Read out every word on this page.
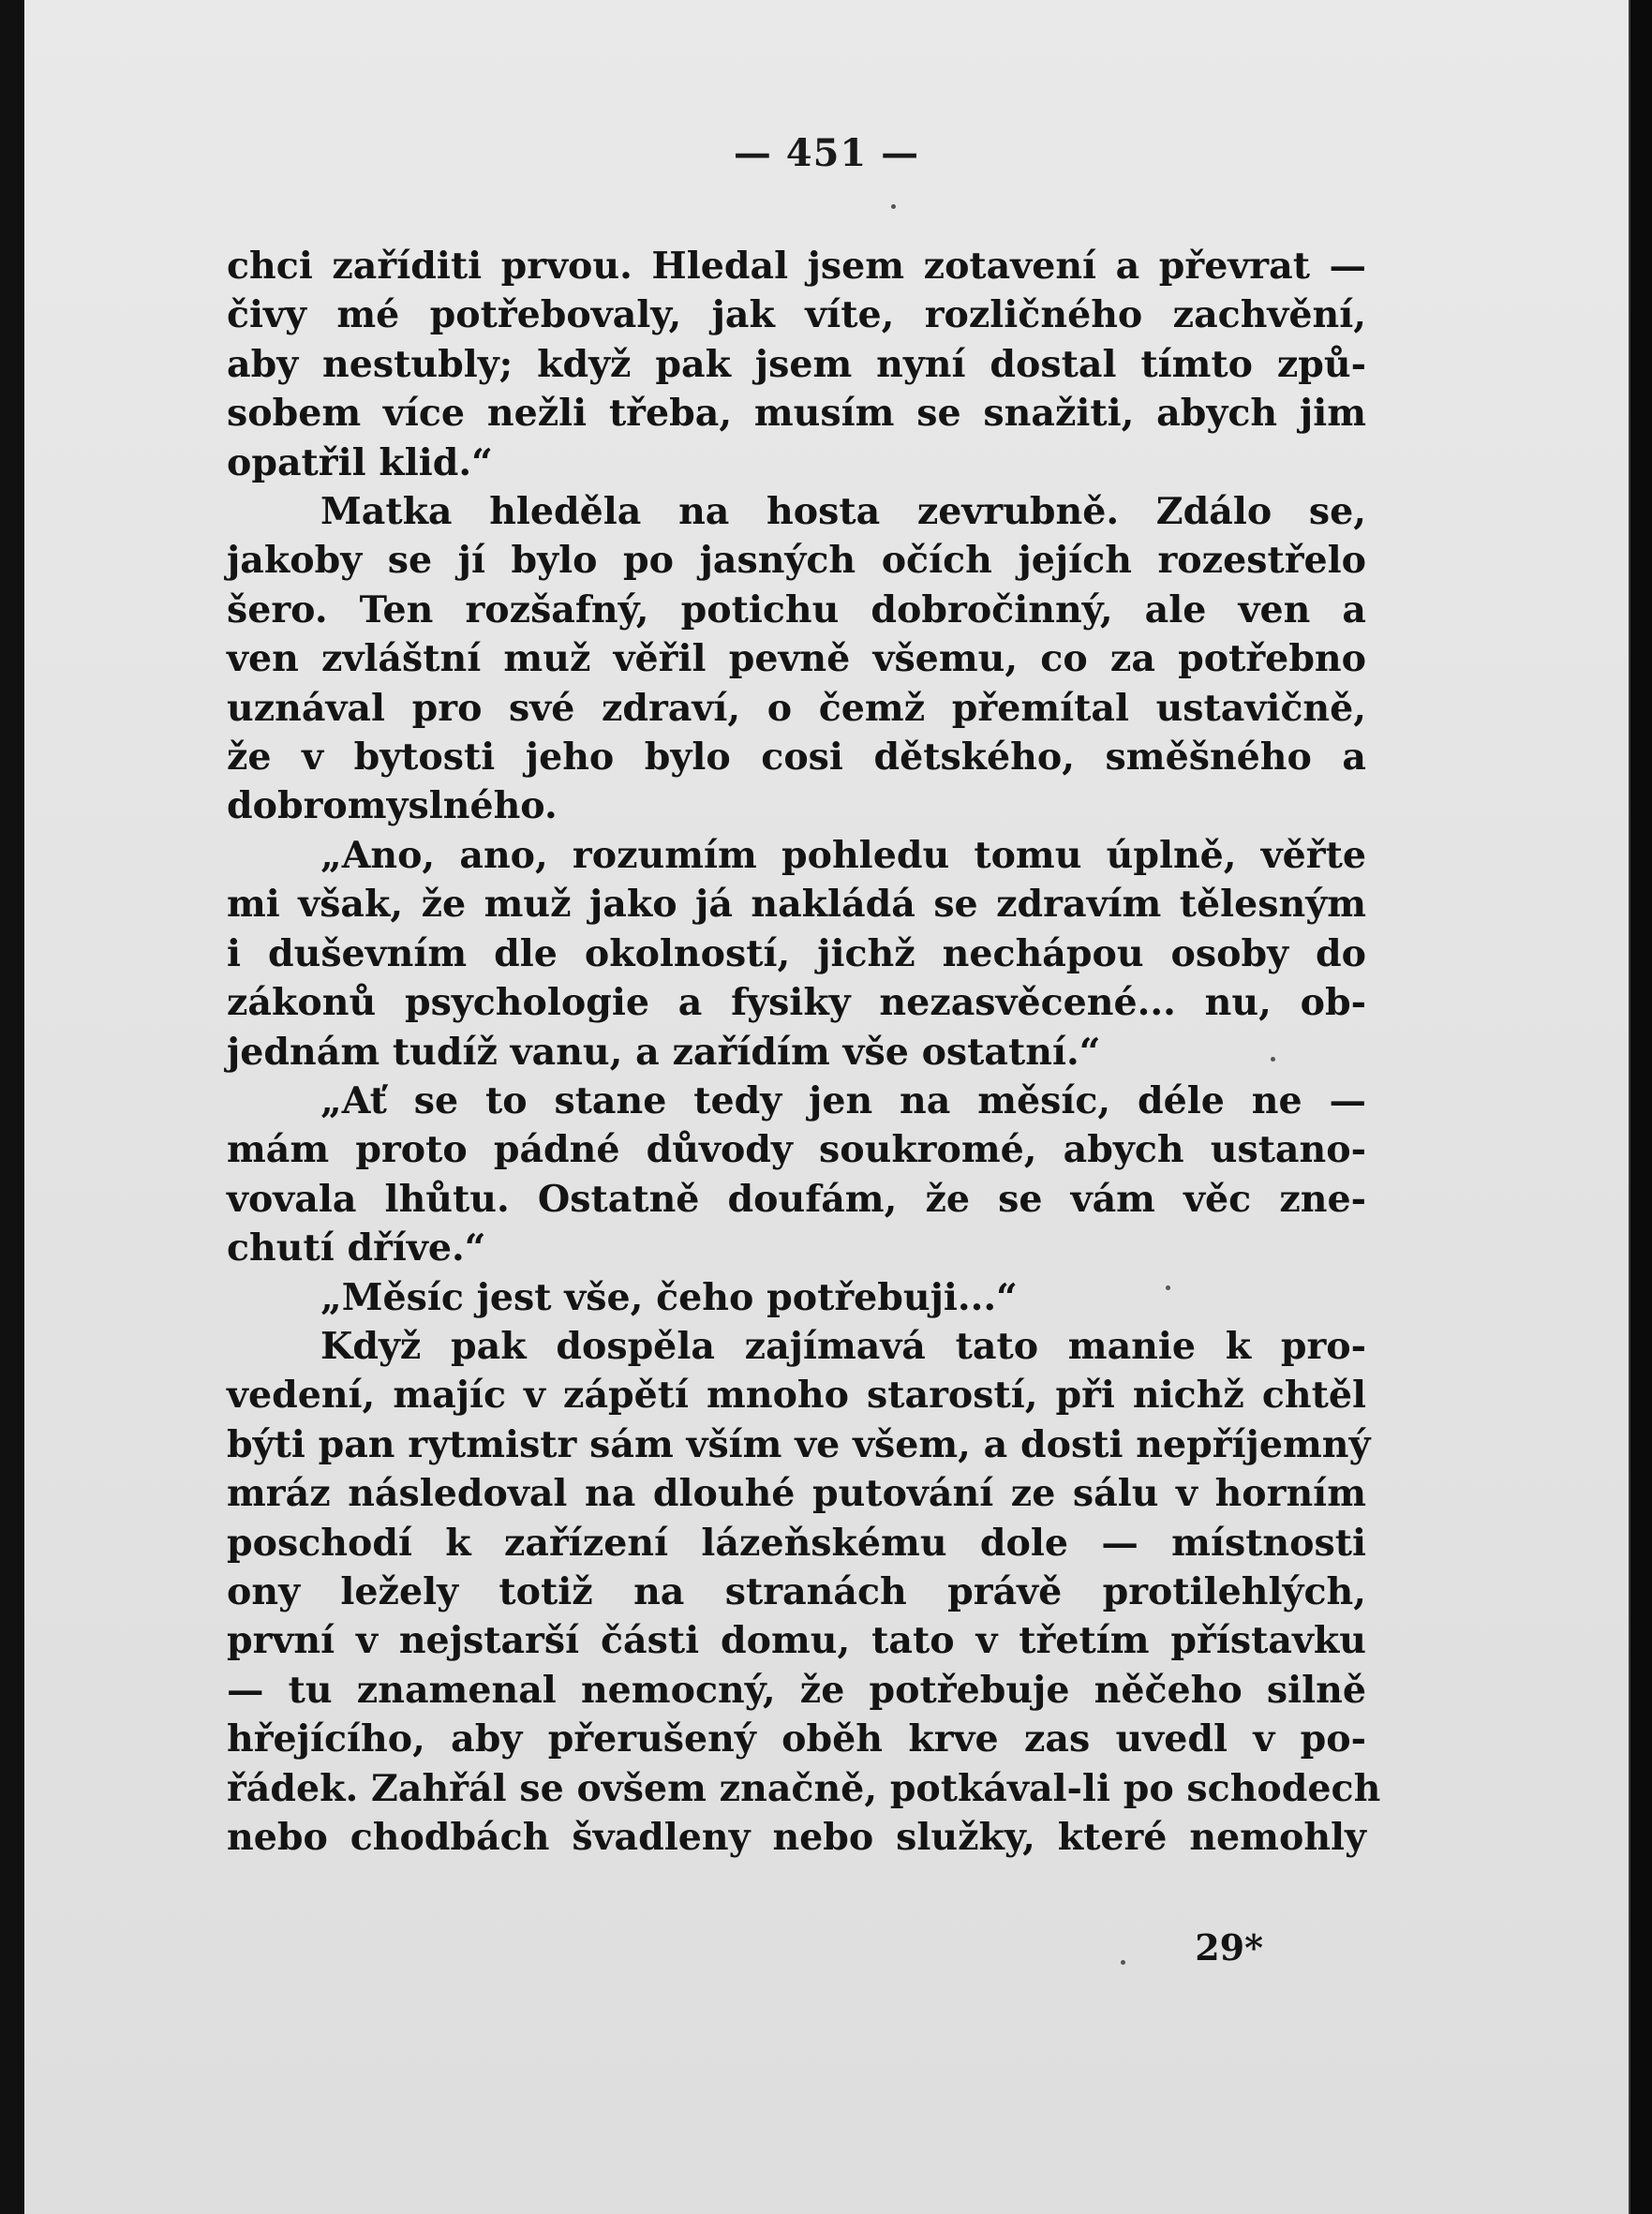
— 451 —
chci zaříditi prvou. Hledal jsem zotavení a převrat —
čivy mé potřebovaly, jak víte, rozličného zachvění,
aby nestubly; když pak jsem nyní dostal tímto způ-
sobem více nežli třeba, musím se snažiti, abych jim
opatřil klid.“
Matka hleděla na hosta zevrubně. Zdálo se,
jakoby se jí bylo po jasných očích jejích rozestřelo
šero. Ten rozšafný, potichu dobročinný, ale ven a
ven zvláštní muž věřil pevně všemu, co za potřebno
uznával pro své zdraví, o čemž přemítal ustavičně,
že v bytosti jeho bylo cosi dětského, směšného a
dobromyslného.
„Ano, ano, rozumím pohledu tomu úplně, věřte
mi však, že muž jako já nakládá se zdravím tělesným
i duševním dle okolností, jichž nechápou osoby do
zákonů psychologie a fysiky nezasvěcené... nu, ob-
jednám tudíž vanu, a zařídím vše ostatní.“
„Ať se to stane tedy jen na měsíc, déle ne —
mám proto pádné důvody soukromé, abych ustano-
vovala lhůtu. Ostatně doufám, že se vám věc zne-
chutí dříve.“
„Měsíc jest vše, čeho potřebuji...“
Když pak dospěla zajímavá tato manie k pro-
vedení, majíc v zápětí mnoho starostí, při nichž chtěl
býti pan rytmistr sám vším ve všem, a dosti nepříjemný
mráz následoval na dlouhé putování ze sálu v horním
poschodí k zařízení lázeňskému dole — místnosti
ony ležely totiž na stranách právě protilehlých,
první v nejstarší části domu, tato v třetím přístavku
— tu znamenal nemocný, že potřebuje něčeho silně
hřejícího, aby přerušený oběh krve zas uvedl v po-
řádek. Zahřál se ovšem značně, potkával-li po schodech
nebo chodbách švadleny nebo služky, které nemohly
29*
